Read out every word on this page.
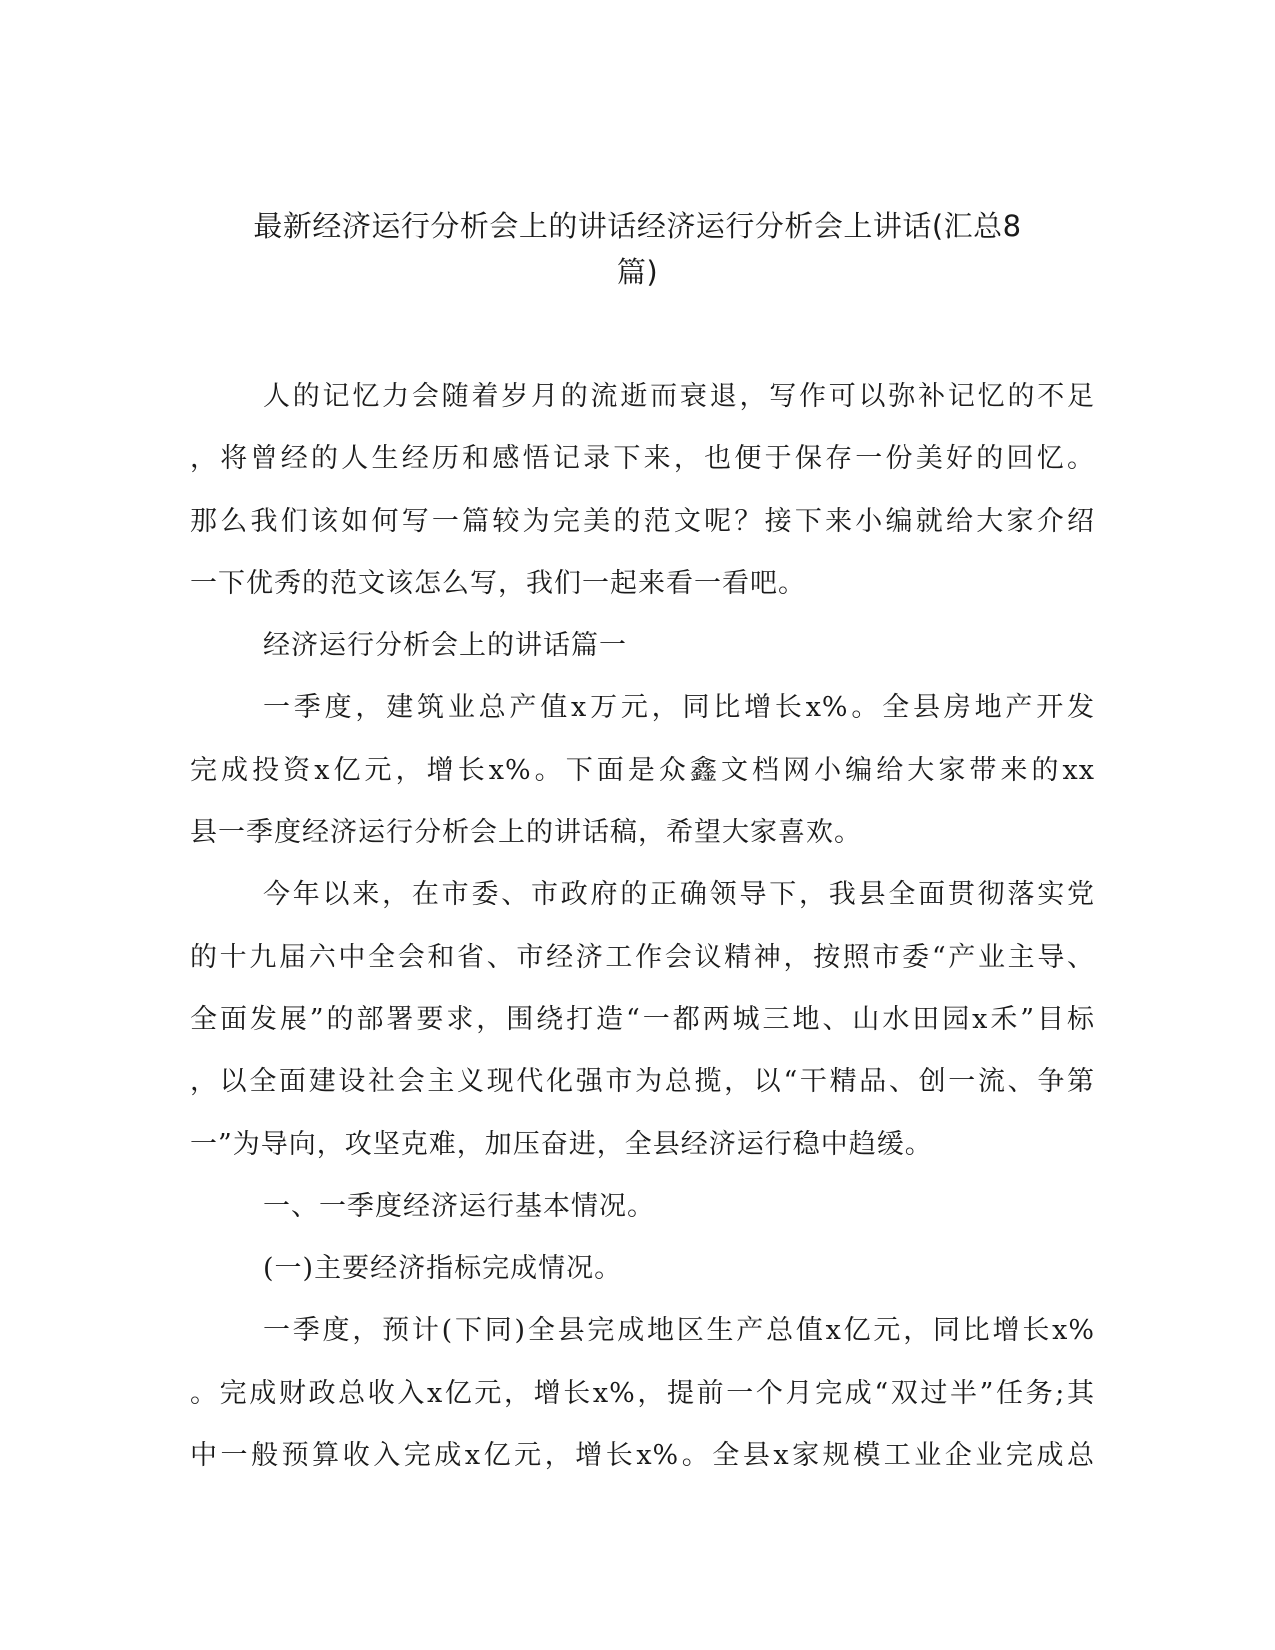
最新经济运行分析会上的讲话经济运行分析会上讲话(汇总8
篇)
人的记忆力会随着岁月的流逝而衰退，写作可以弥补记忆的不足
，将曾经的人生经历和感悟记录下来，也便于保存一份美好的回忆。
那么我们该如何写一篇较为完美的范文呢？接下来小编就给大家介绍
一下优秀的范文该怎么写，我们一起来看一看吧。
经济运行分析会上的讲话篇一
一季度，建筑业总产值x万元，同比增长x%。全县房地产开发
完成投资x亿元，增长x%。下面是众鑫文档网小编给大家带来的xx
县一季度经济运行分析会上的讲话稿，希望大家喜欢。
今年以来，在市委、市政府的正确领导下，我县全面贯彻落实党
的十九届六中全会和省、市经济工作会议精神，按照市委“产业主导、
全面发展”的部署要求，围绕打造“一都两城三地、山水田园x禾”目标
，以全面建设社会主义现代化强市为总揽，以“干精品、创一流、争第
一”为导向，攻坚克难，加压奋进，全县经济运行稳中趋缓。
一、一季度经济运行基本情况。
(一)主要经济指标完成情况。
一季度，预计(下同)全县完成地区生产总值x亿元，同比增长x%
。完成财政总收入x亿元，增长x%，提前一个月完成“双过半”任务;其
中一般预算收入完成x亿元，增长x%。全县x家规模工业企业完成总
